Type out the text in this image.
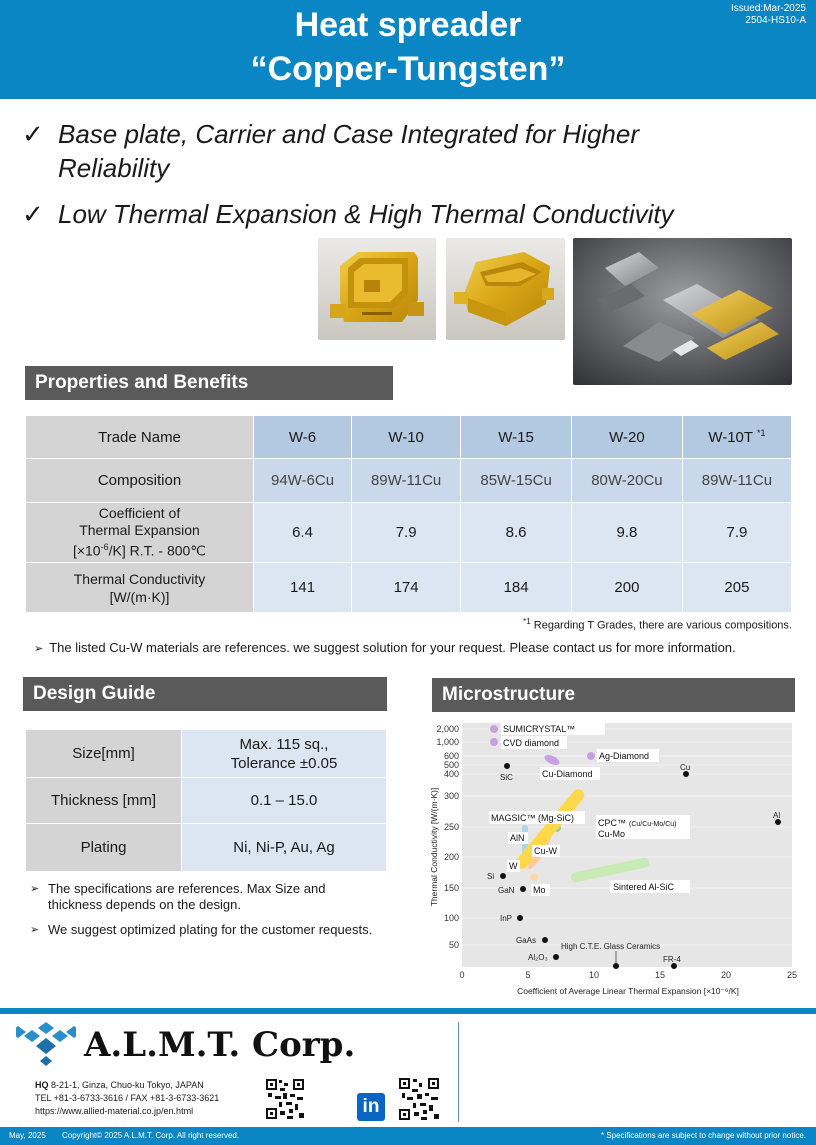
Heat spreader
“Copper-Tungsten”
Issued:Mar-2025
2504-HS10-A
✓ Base plate, Carrier and Case Integrated for Higher
Reliability
✓ Low Thermal Expansion & High Thermal Conductivity
Properties and Benefits
Trade Name	W-6	W-10	W-15	W-20	W-10T $^{*1}$
Composition	94W-6Cu	89W-11Cu	85W-15Cu	80W-20Cu	89W-11Cu

Coefficient of
Thermal Expansion
$[\times 10^{-6}/K]$ R.T. - 800℃	6.4	7.9	8.6	9.8	7.9

Thermal Conductivity
[W/(m·K)]	141	174	184	200	205
$^{*1}$ Regarding T Grades, there are various compositions.
➢ The listed Cu-W materials are references. we suggest solution for your request. Please contact us for more information.
Design Guide
Size[mm]	Max. 115 sq.,
Tolerance ±0.05

Thickness [mm]	0.1 – 15.0
Plating	Ni, Ni-P, Au, Ag
➢ The specifications are references. Max Size and
thickness depends on the design.
➢ We suggest optimized plating for the customer requests.
Microstructure
50
100
150
200
250
300
400
500
600
1,000
2,000
0	5	10	15	20	25
Coefficient of Average Linear Thermal Expansion [×10⁻⁶/K]
Thermal Conductivity [W/(m·K)]
SUMICRYSTAL™
CVD diamond
Ag-Diamond
Cu-Diamond
MAGSIC™ (Mg-SiC)
AlN
W
Cu-W
Mo
CPC™ (Cu/Cu-Mo/Cu)
Cu-Mo
Sintered Al-SiC
SiC
Cu
Al
Si
GaN
InP
GaAs
Al₂O₃
High C.T.E. Glass Ceramics
FR-4
A.L.M.T. Corp.
HQ 8-21-1, Ginza, Chuo-ku Tokyo, JAPAN
TEL +81-3-6733-3616 / FAX +81-3-6733-3621
https://www.allied-material.co.jp/en.html	in
May, 2025 Copyright© 2025 A.L.M.T. Corp. All right reserved.	* Specifications are subject to change without prior notice.
